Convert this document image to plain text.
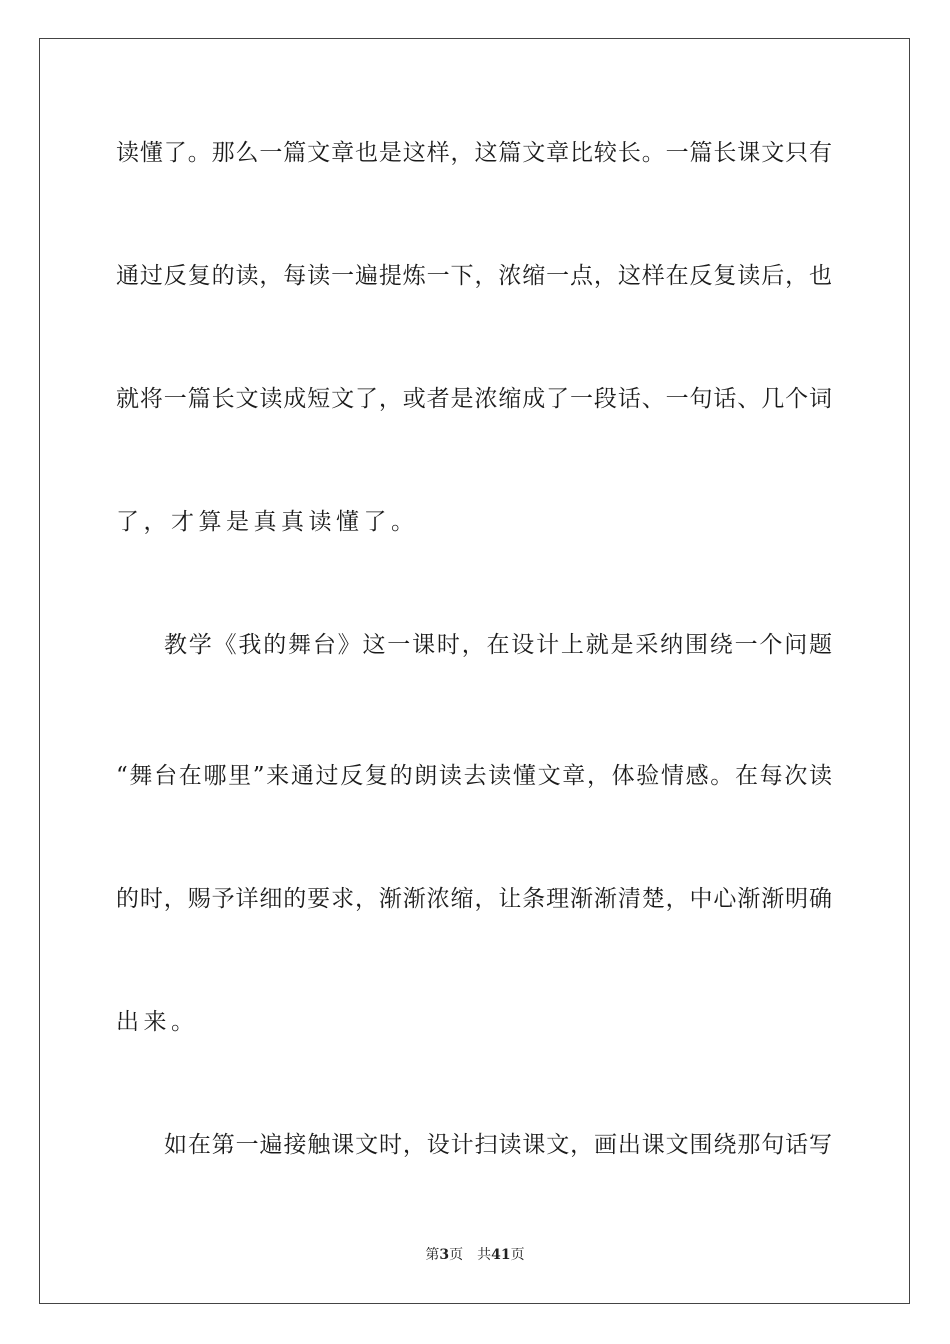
读懂了。那么一篇文章也是这样，这篇文章比较长。一篇长课文只有
通过反复的读，每读一遍提炼一下，浓缩一点，这样在反复读后，也
就将一篇长文读成短文了，或者是浓缩成了一段话、一句话、几个词
了，才算是真真读懂了。
教学《我的舞台》这一课时，在设计上就是采纳围绕一个问题
“舞台在哪里”来通过反复的朗读去读懂文章，体验情感。在每次读
的时，赐予详细的要求，渐渐浓缩，让条理渐渐清楚，中心渐渐明确
出来。
如在第一遍接触课文时，设计扫读课文，画出课文围绕那句话写
第3页 共41页
